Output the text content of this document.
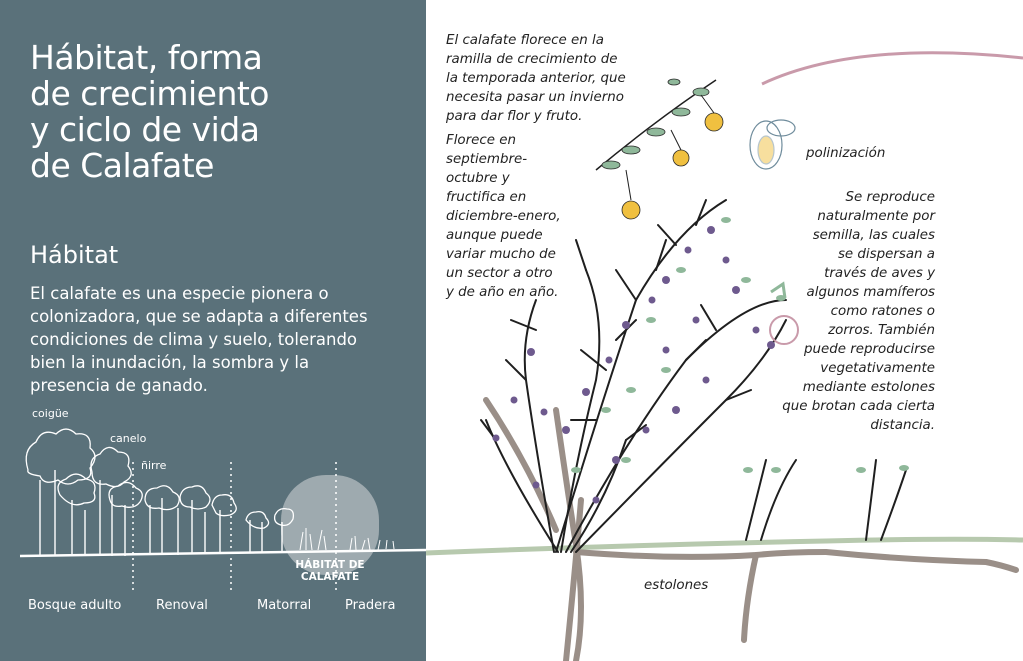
Hábitat, forma
de crecimiento
y ciclo de vida
de Calafate
Hábitat

El calafate es una especie pionera o colonizadora, que se adapta a diferentes condiciones de clima y suelo, tolerando bien la inundación, la sombra y la presencia de ganado.

coigüe
canelo
ñirre
HÁBITAT DE
CALAFATE
Bosque adulto	Renoval	Matorral	Pradera

El calafate florece en la
ramilla de crecimiento de
la temporada anterior, que
necesita pasar un invierno
para dar flor y fruto.

Florece en
septiembre-
octubre y
fructifica en
diciembre-enero,
aunque puede
variar mucho de
un sector a otro
y de año en año.

polinización

Se reproduce
naturalmente por
semilla, las cuales
se dispersan a
través de aves y
algunos mamíferos
como ratones o
zorros. También
puede reproducirse
vegetativamente
mediante estolones
que brotan cada cierta
distancia.

estolones
